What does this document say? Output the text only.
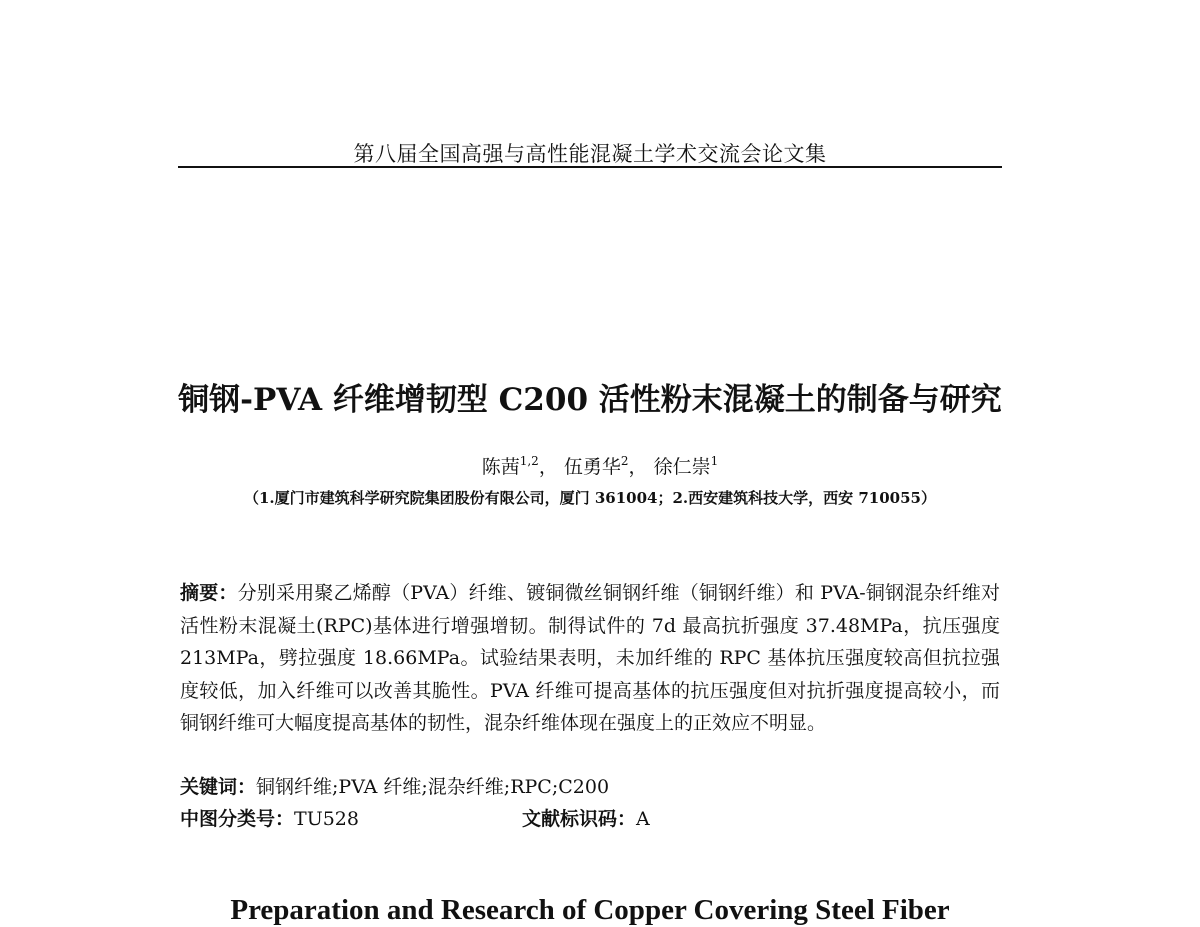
第八届全国高强与高性能混凝土学术交流会论文集
铜钢-PVA 纤维增韧型 C200 活性粉末混凝土的制备与研究
陈茜$^{1,2}$， 伍勇华$^2$， 徐仁崇$^1$
（1.厦门市建筑科学研究院集团股份有限公司，厦门 361004；2.西安建筑科技大学，西安 710055）
摘要：分别采用聚乙烯醇（PVA）纤维、镀铜微丝铜钢纤维（铜钢纤维）和 PVA-铜钢混杂纤维对活性粉末混凝土(RPC)基体进行增强增韧。制得试件的 7d 最高抗折强度 37.48MPa，抗压强度 213MPa，劈拉强度 18.66MPa。试验结果表明，未加纤维的 RPC 基体抗压强度较高但抗拉强度较低，加入纤维可以改善其脆性。PVA 纤维可提高基体的抗压强度但对抗折强度提高较小，而铜钢纤维可大幅度提高基体的韧性，混杂纤维体现在强度上的正效应不明显。
关键词：铜钢纤维;PVA 纤维;混杂纤维;RPC;C200
中图分类号：TU528	文献标识码：A
Preparation and Research of Copper Covering Steel Fiber
